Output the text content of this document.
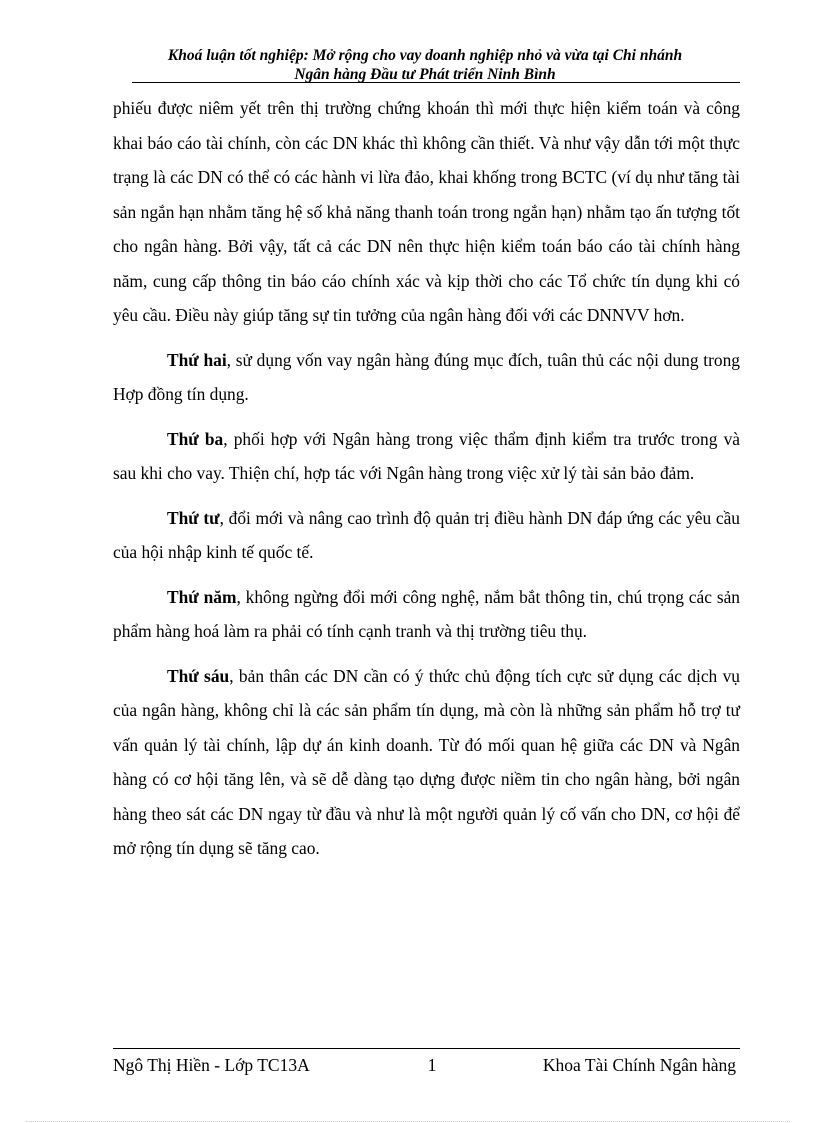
Khoá luận tốt nghiệp: Mở rộng cho vay doanh nghiệp nhỏ và vừa tại Chi nhánh
Ngân hàng Đầu tư Phát triển Ninh Bình

phiếu được niêm yết trên thị trường chứng khoán thì mới thực hiện kiểm toán và công khai báo cáo tài chính, còn các DN khác thì không cần thiết. Và như vậy dẫn tới một thực trạng là các DN có thể có các hành vi lừa đảo, khai khống trong BCTC (ví dụ như tăng tài sản ngắn hạn nhằm tăng hệ số khả năng thanh toán trong ngắn hạn) nhằm tạo ấn tượng tốt cho ngân hàng. Bởi vậy, tất cả các DN nên thực hiện kiểm toán báo cáo tài chính hàng năm, cung cấp thông tin báo cáo chính xác và kịp thời cho các Tổ chức tín dụng khi có yêu cầu. Điều này giúp tăng sự tin tưởng của ngân hàng đối với các DNNVV hơn.

Thứ hai, sử dụng vốn vay ngân hàng đúng mục đích, tuân thủ các nội dung trong Hợp đồng tín dụng.

Thứ ba, phối hợp với Ngân hàng trong việc thẩm định kiểm tra trước trong và sau khi cho vay. Thiện chí, hợp tác với Ngân hàng trong việc xử lý tài sản bảo đảm.

Thứ tư, đổi mới và nâng cao trình độ quản trị điều hành DN đáp ứng các yêu cầu của hội nhập kinh tế quốc tế.

Thứ năm, không ngừng đổi mới công nghệ, nắm bắt thông tin, chú trọng các sản phẩm hàng hoá làm ra phải có tính cạnh tranh và thị trường tiêu thụ.

Thứ sáu, bản thân các DN cần có ý thức chủ động tích cực sử dụng các dịch vụ của ngân hàng, không chỉ là các sản phẩm tín dụng, mà còn là những sản phẩm hỗ trợ tư vấn quản lý tài chính, lập dự án kinh doanh. Từ đó mối quan hệ giữa các DN và Ngân hàng có cơ hội tăng lên, và sẽ dễ dàng tạo dựng được niềm tin cho ngân hàng, bởi ngân hàng theo sát các DN ngay từ đầu và như là một người quản lý cố vấn cho DN, cơ hội để mở rộng tín dụng sẽ tăng cao.

Ngô Thị Hiền - Lớp TC13A	1	Khoa Tài Chính Ngân hàng
